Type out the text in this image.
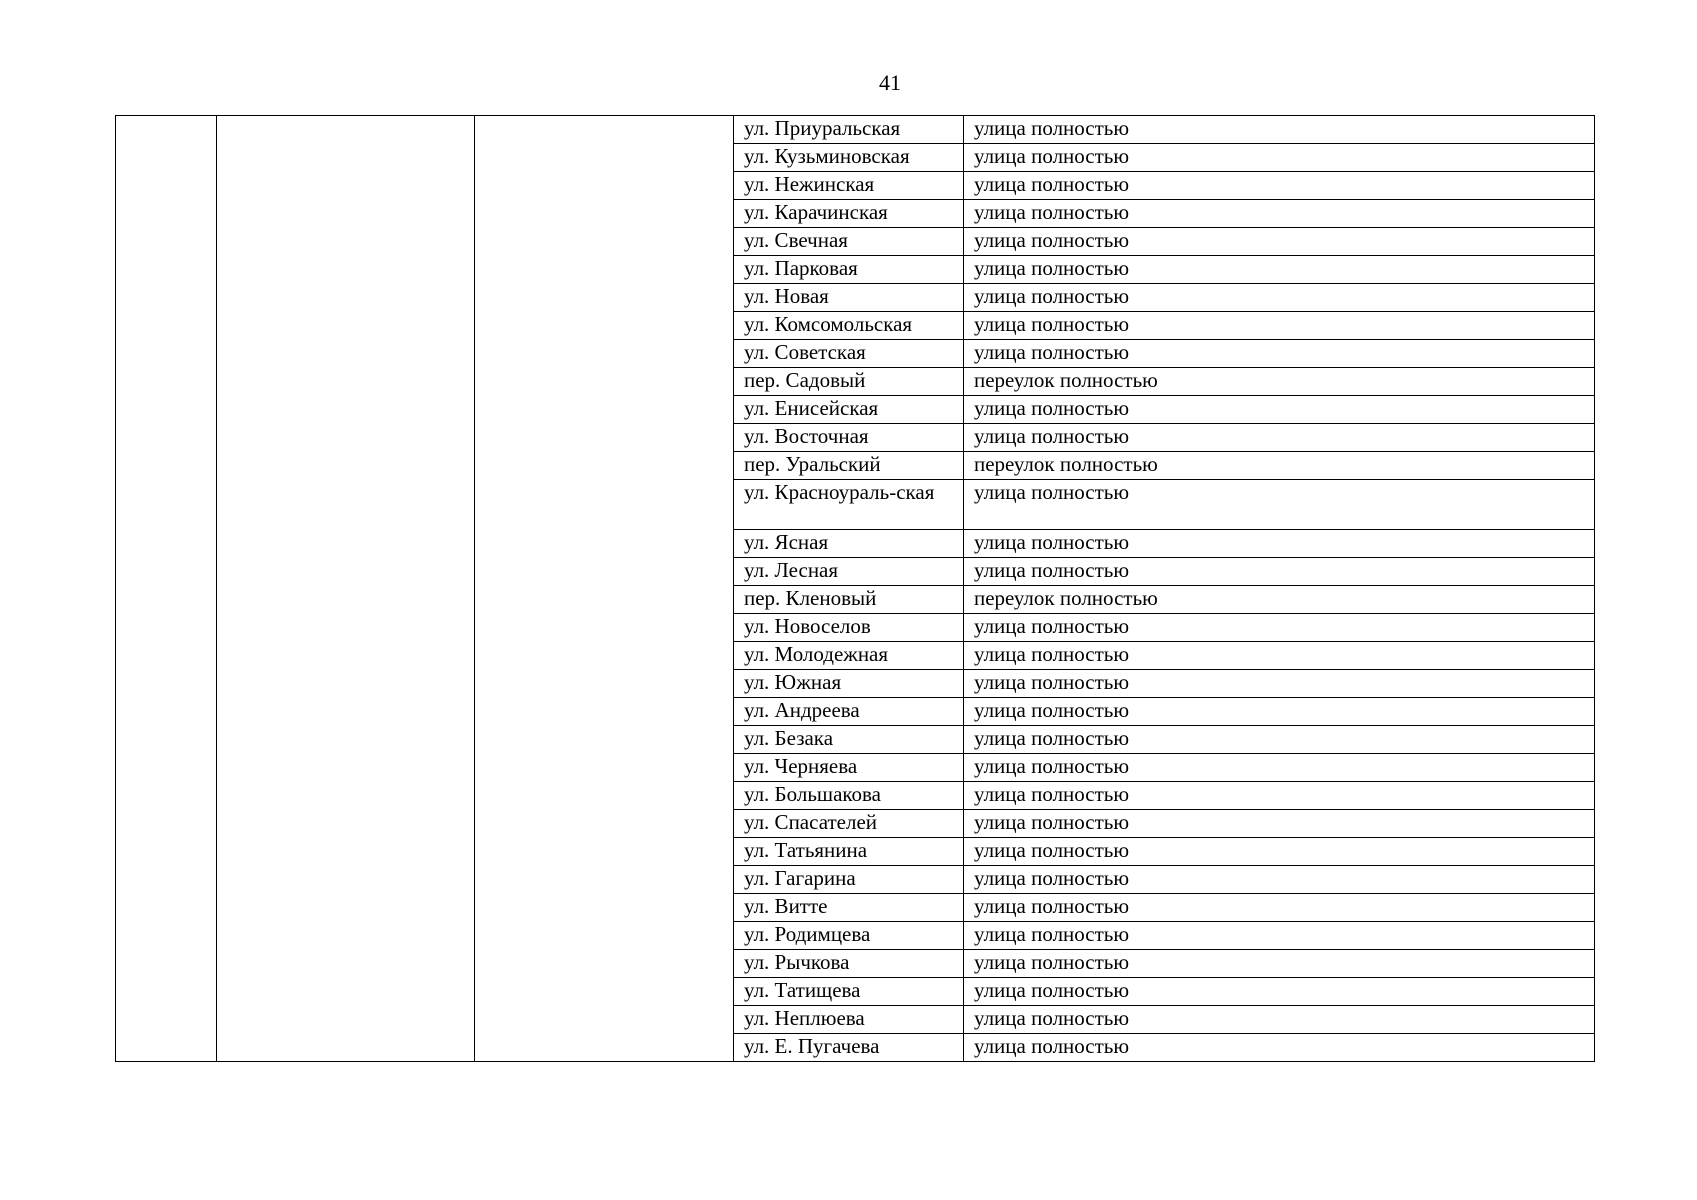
41
			ул. Приуральская	улица полностью
			ул. Кузьминовская	улица полностью
			ул. Нежинская	улица полностью
			ул. Карачинская	улица полностью
			ул. Свечная	улица полностью
			ул. Парковая	улица полностью
			ул. Новая	улица полностью
			ул. Комсомольская	улица полностью
			ул. Советская	улица полностью
			пер. Садовый	переулок полностью
			ул. Енисейская	улица полностью
			ул. Восточная	улица полностью
			пер. Уральский	переулок полностью
			ул. Красноураль-ская	улица полностью
			ул. Ясная	улица полностью
			ул. Лесная	улица полностью
			пер. Кленовый	переулок полностью
			ул. Новоселов	улица полностью
			ул. Молодежная	улица полностью
			ул. Южная	улица полностью
			ул. Андреева	улица полностью
			ул. Безака	улица полностью
			ул. Черняева	улица полностью
			ул. Большакова	улица полностью
			ул. Спасателей	улица полностью
			ул. Татьянина	улица полностью
			ул. Гагарина	улица полностью
			ул. Витте	улица полностью
			ул. Родимцева	улица полностью
			ул. Рычкова	улица полностью
			ул. Татищева	улица полностью
			ул. Неплюева	улица полностью
			ул. Е. Пугачева	улица полностью
